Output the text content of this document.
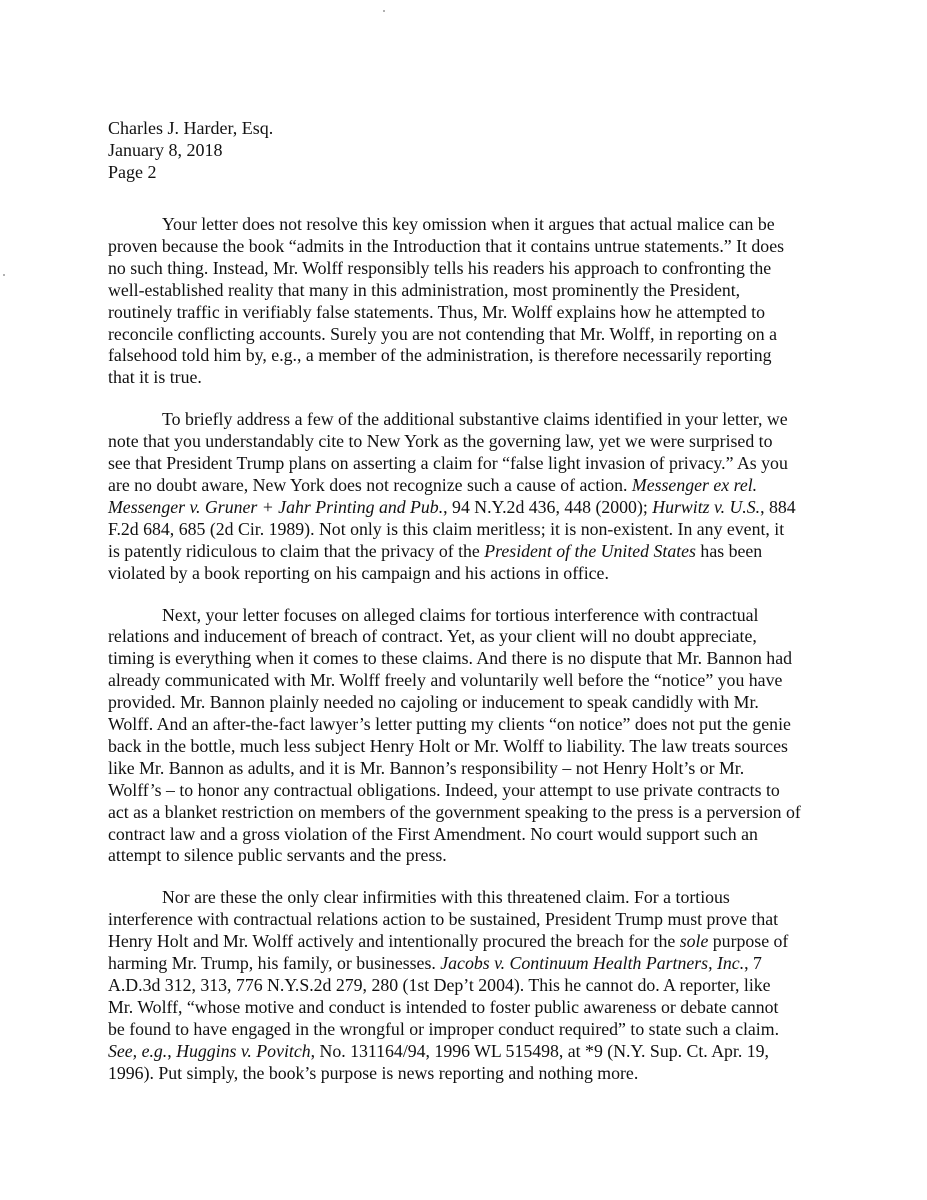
Charles J. Harder, Esq.
January 8, 2018
Page 2
Your letter does not resolve this key omission when it argues that actual malice can be
proven because the book “admits in the Introduction that it contains untrue statements.” It does
no such thing. Instead, Mr. Wolff responsibly tells his readers his approach to confronting the
well-established reality that many in this administration, most prominently the President,
routinely traffic in verifiably false statements. Thus, Mr. Wolff explains how he attempted to
reconcile conflicting accounts. Surely you are not contending that Mr. Wolff, in reporting on a
falsehood told him by, e.g., a member of the administration, is therefore necessarily reporting
that it is true.
To briefly address a few of the additional substantive claims identified in your letter, we
note that you understandably cite to New York as the governing law, yet we were surprised to
see that President Trump plans on asserting a claim for “false light invasion of privacy.” As you
are no doubt aware, New York does not recognize such a cause of action. Messenger ex rel.
Messenger v. Gruner + Jahr Printing and Pub., 94 N.Y.2d 436, 448 (2000); Hurwitz v. U.S., 884
F.2d 684, 685 (2d Cir. 1989). Not only is this claim meritless; it is non-existent. In any event, it
is patently ridiculous to claim that the privacy of the President of the United States has been
violated by a book reporting on his campaign and his actions in office.
Next, your letter focuses on alleged claims for tortious interference with contractual
relations and inducement of breach of contract. Yet, as your client will no doubt appreciate,
timing is everything when it comes to these claims. And there is no dispute that Mr. Bannon had
already communicated with Mr. Wolff freely and voluntarily well before the “notice” you have
provided. Mr. Bannon plainly needed no cajoling or inducement to speak candidly with Mr.
Wolff. And an after-the-fact lawyer’s letter putting my clients “on notice” does not put the genie
back in the bottle, much less subject Henry Holt or Mr. Wolff to liability. The law treats sources
like Mr. Bannon as adults, and it is Mr. Bannon’s responsibility – not Henry Holt’s or Mr.
Wolff’s – to honor any contractual obligations. Indeed, your attempt to use private contracts to
act as a blanket restriction on members of the government speaking to the press is a perversion of
contract law and a gross violation of the First Amendment. No court would support such an
attempt to silence public servants and the press.
Nor are these the only clear infirmities with this threatened claim. For a tortious
interference with contractual relations action to be sustained, President Trump must prove that
Henry Holt and Mr. Wolff actively and intentionally procured the breach for the sole purpose of
harming Mr. Trump, his family, or businesses. Jacobs v. Continuum Health Partners, Inc., 7
A.D.3d 312, 313, 776 N.Y.S.2d 279, 280 (1st Dep’t 2004). This he cannot do. A reporter, like
Mr. Wolff, “whose motive and conduct is intended to foster public awareness or debate cannot
be found to have engaged in the wrongful or improper conduct required” to state such a claim.
See, e.g., Huggins v. Povitch, No. 131164/94, 1996 WL 515498, at *9 (N.Y. Sup. Ct. Apr. 19,
1996). Put simply, the book’s purpose is news reporting and nothing more.
